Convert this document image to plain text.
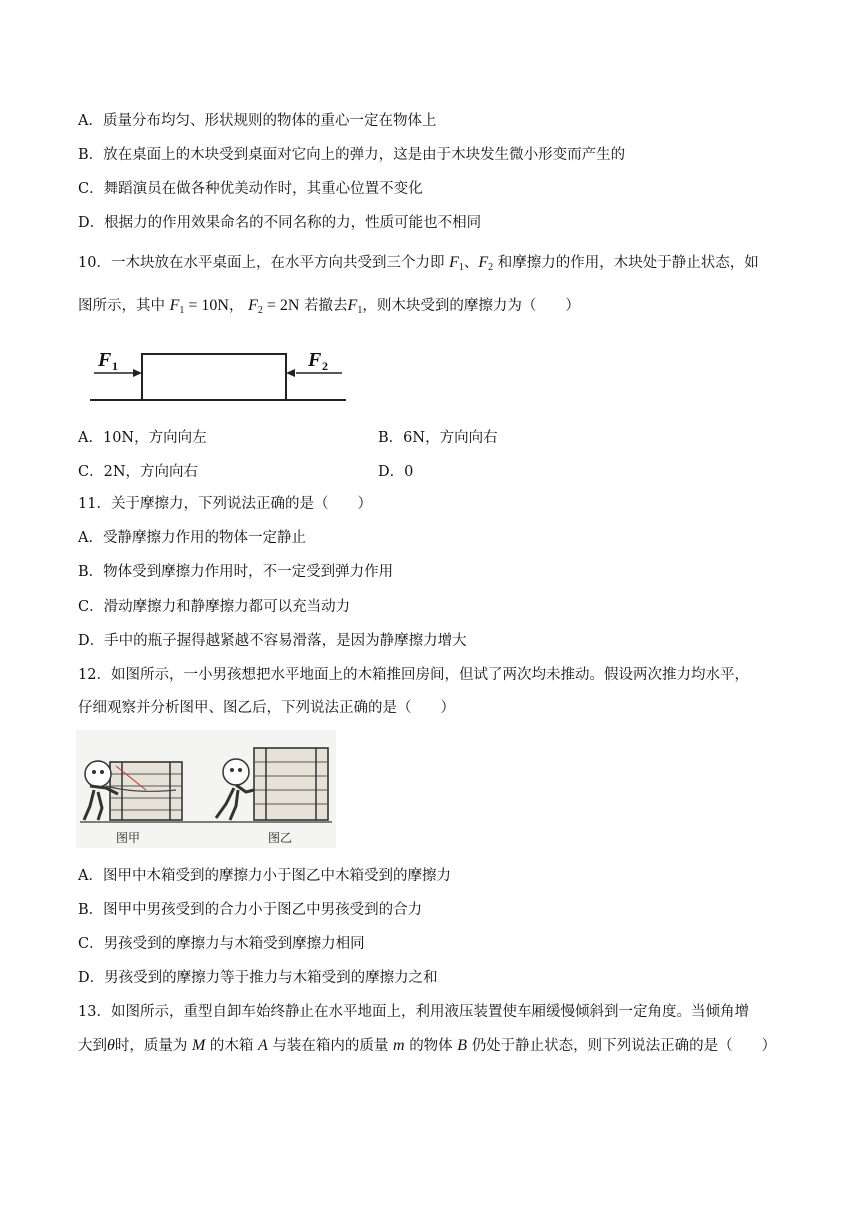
A．质量分布均匀、形状规则的物体的重心一定在物体上
B．放在桌面上的木块受到桌面对它向上的弹力，这是由于木块发生微小形变而产生的
C．舞蹈演员在做各种优美动作时，其重心位置不变化
D．根据力的作用效果命名的不同名称的力，性质可能也不相同
10．一木块放在水平桌面上，在水平方向共受到三个力即 $F_1$、$F_2$ 和摩擦力的作用，木块处于静止状态，如
图所示，其中 $F_1 = 10N$， $F_2 = 2N$ 若撤去$F_1$，则木块受到的摩擦力为（　　）
F 1	F 2
A．10N，方向向左	B．6N，方向向右
C．2N，方向向右	D．0
11．关于摩擦力，下列说法正确的是（　　）
A．受静摩擦力作用的物体一定静止
B．物体受到摩擦力作用时，不一定受到弹力作用
C．滑动摩擦力和静摩擦力都可以充当动力
D．手中的瓶子握得越紧越不容易滑落，是因为静摩擦力增大
12．如图所示，一小男孩想把水平地面上的木箱推回房间，但试了两次均未推动。假设两次推力均水平，
仔细观察并分析图甲、图乙后，下列说法正确的是（　　）
图甲	图乙
A．图甲中木箱受到的摩擦力小于图乙中木箱受到的摩擦力
B．图甲中男孩受到的合力小于图乙中男孩受到的合力
C．男孩受到的摩擦力与木箱受到摩擦力相同
D．男孩受到的摩擦力等于推力与木箱受到的摩擦力之和
13．如图所示，重型自卸车始终静止在水平地面上，利用液压装置使车厢缓慢倾斜到一定角度。当倾角增
大到θ时，质量为 M 的木箱 A 与装在箱内的质量 m 的物体 B 仍处于静止状态，则下列说法正确的是（　　）
